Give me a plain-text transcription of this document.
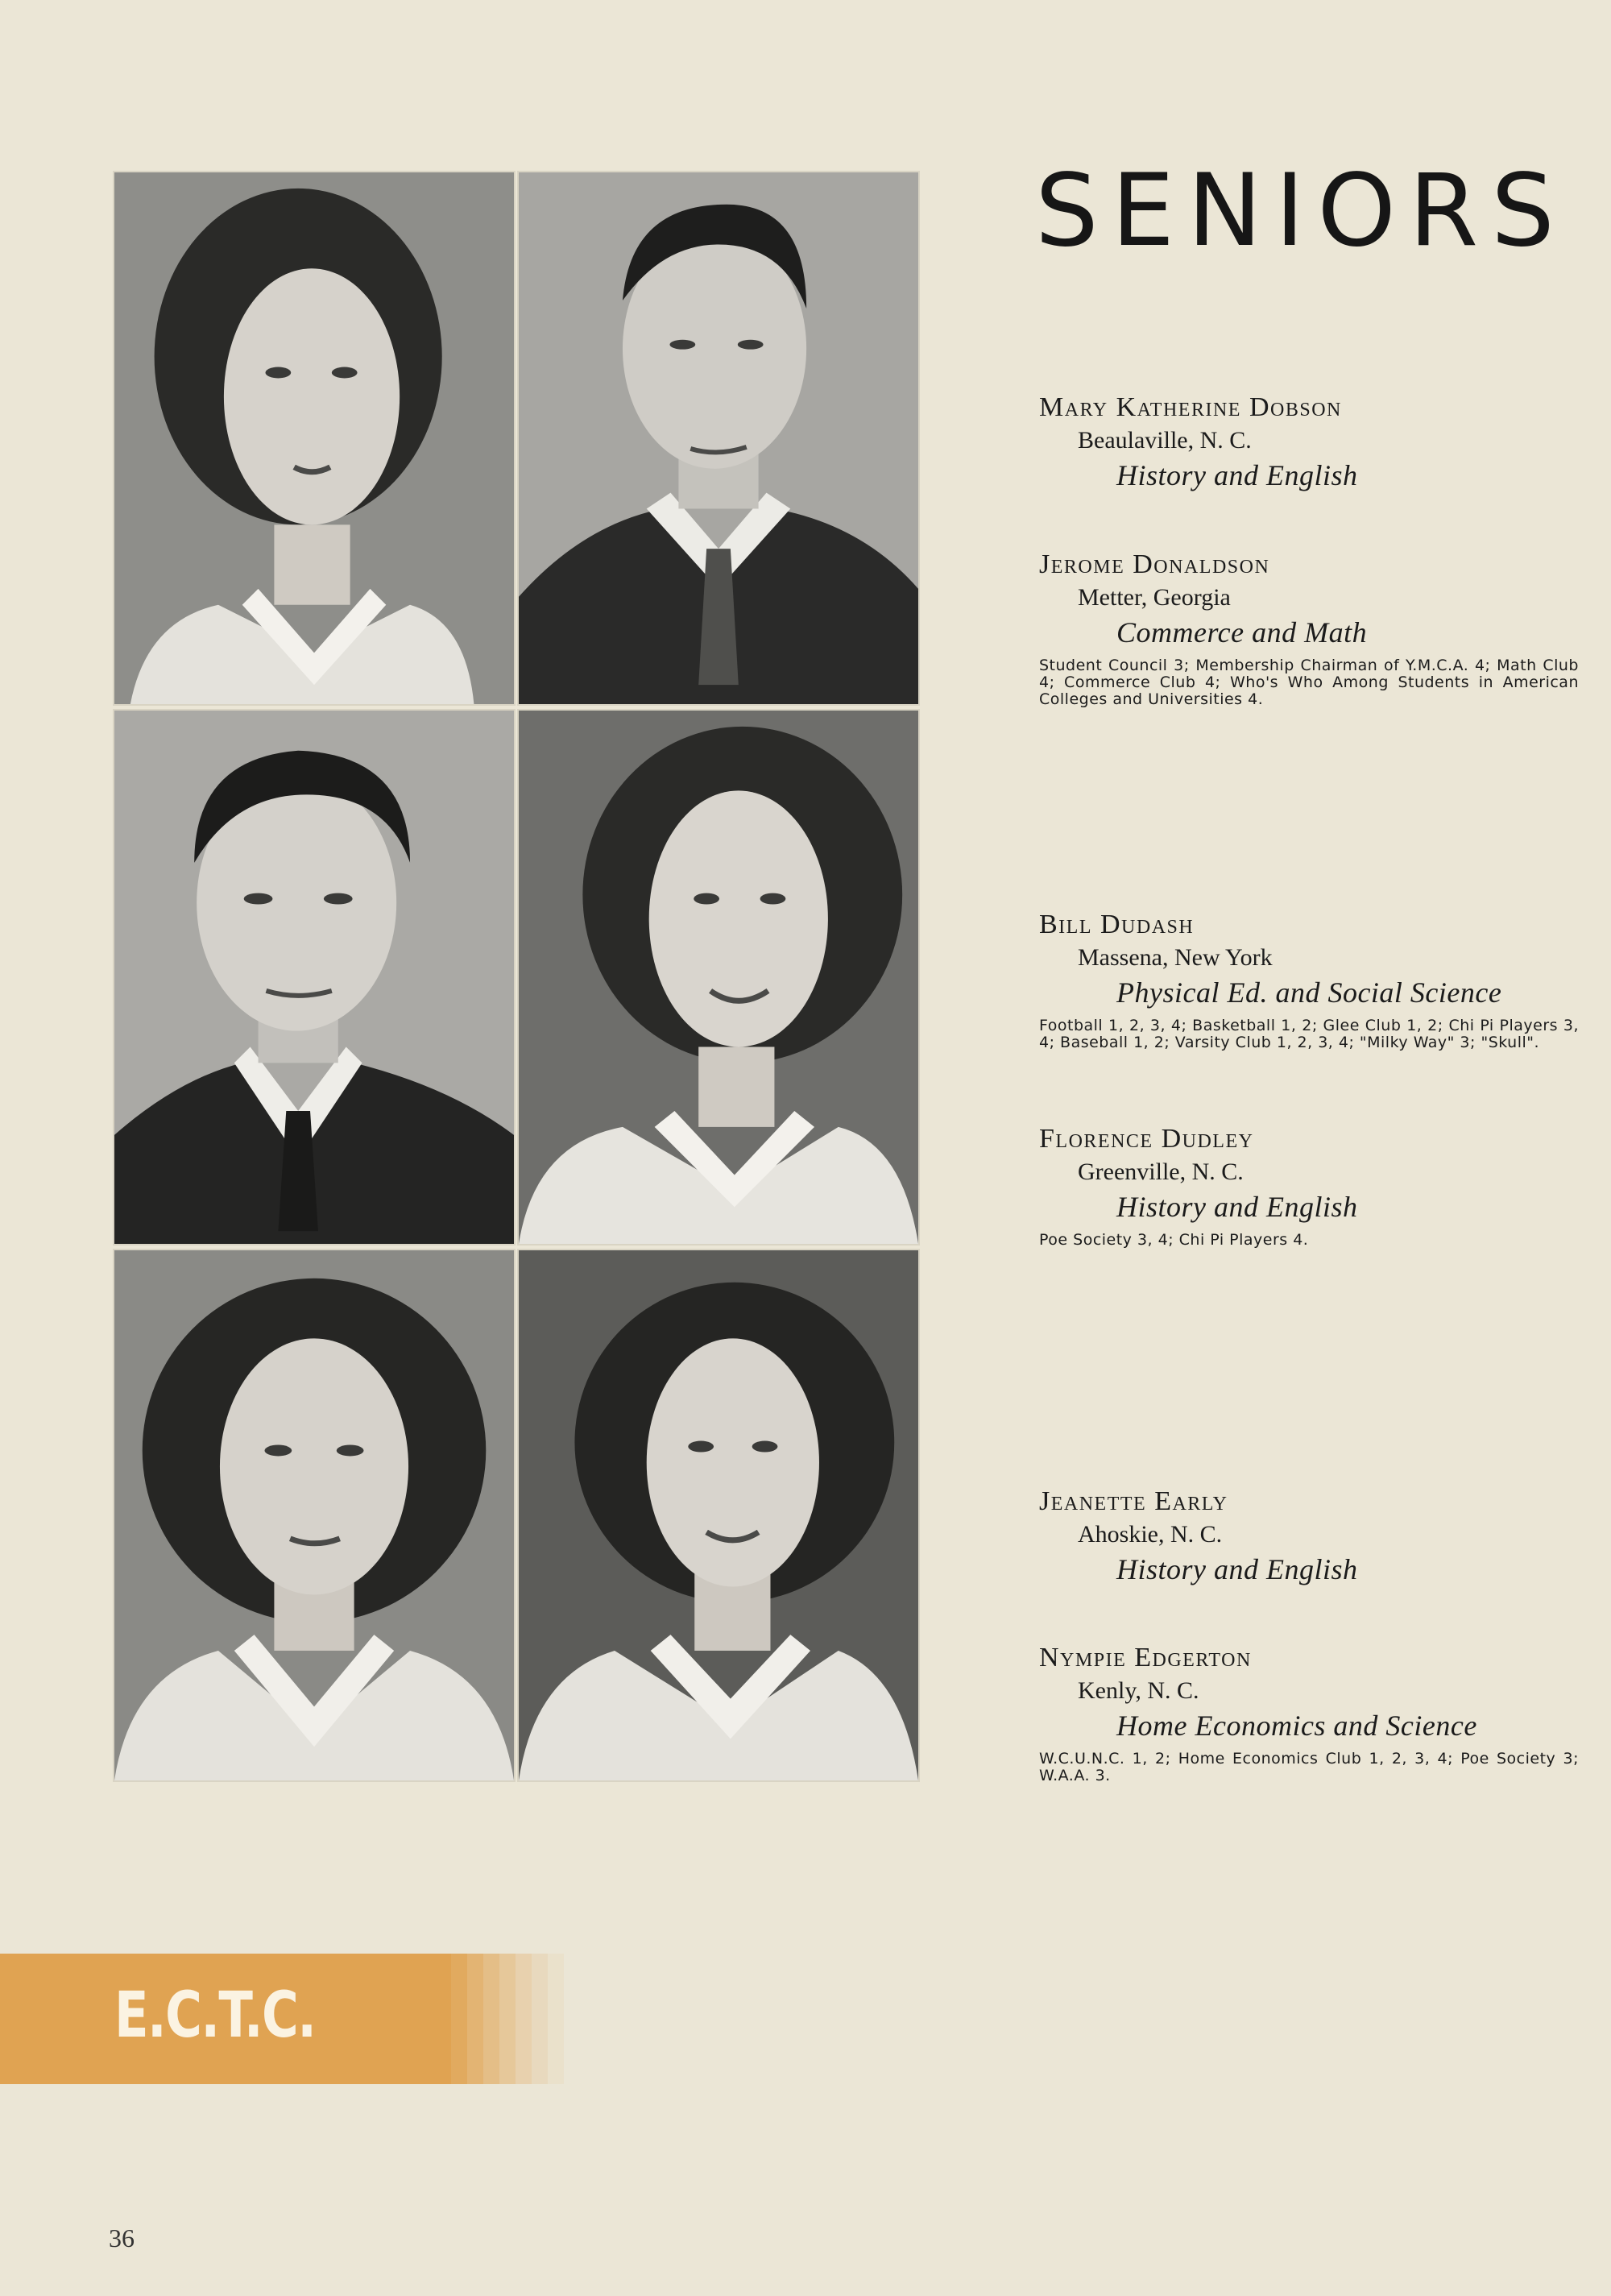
SENIORS
Mary Katherine Dobson
Beaulaville, N. C.
History and English
Jerome Donaldson
Metter, Georgia
Commerce and Math
Student Council 3; Membership Chairman of Y.M.C.A. 4; Math Club 4; Commerce Club 4; Who's Who Among Students in American Colleges and Universities 4.
Bill Dudash
Massena, New York
Physical Ed. and Social Science
Football 1, 2, 3, 4; Basketball 1, 2; Glee Club 1, 2; Chi Pi Players 3, 4; Baseball 1, 2; Varsity Club 1, 2, 3, 4; "Milky Way" 3; "Skull".
Florence Dudley
Greenville, N. C.
History and English
Poe Society 3, 4; Chi Pi Players 4.
Jeanette Early
Ahoskie, N. C.
History and English
Nympie Edgerton
Kenly, N. C.
Home Economics and Science
W.C.U.N.C. 1, 2; Home Economics Club 1, 2, 3, 4; Poe Society 3; W.A.A. 3.
E.C.T.C.
36
